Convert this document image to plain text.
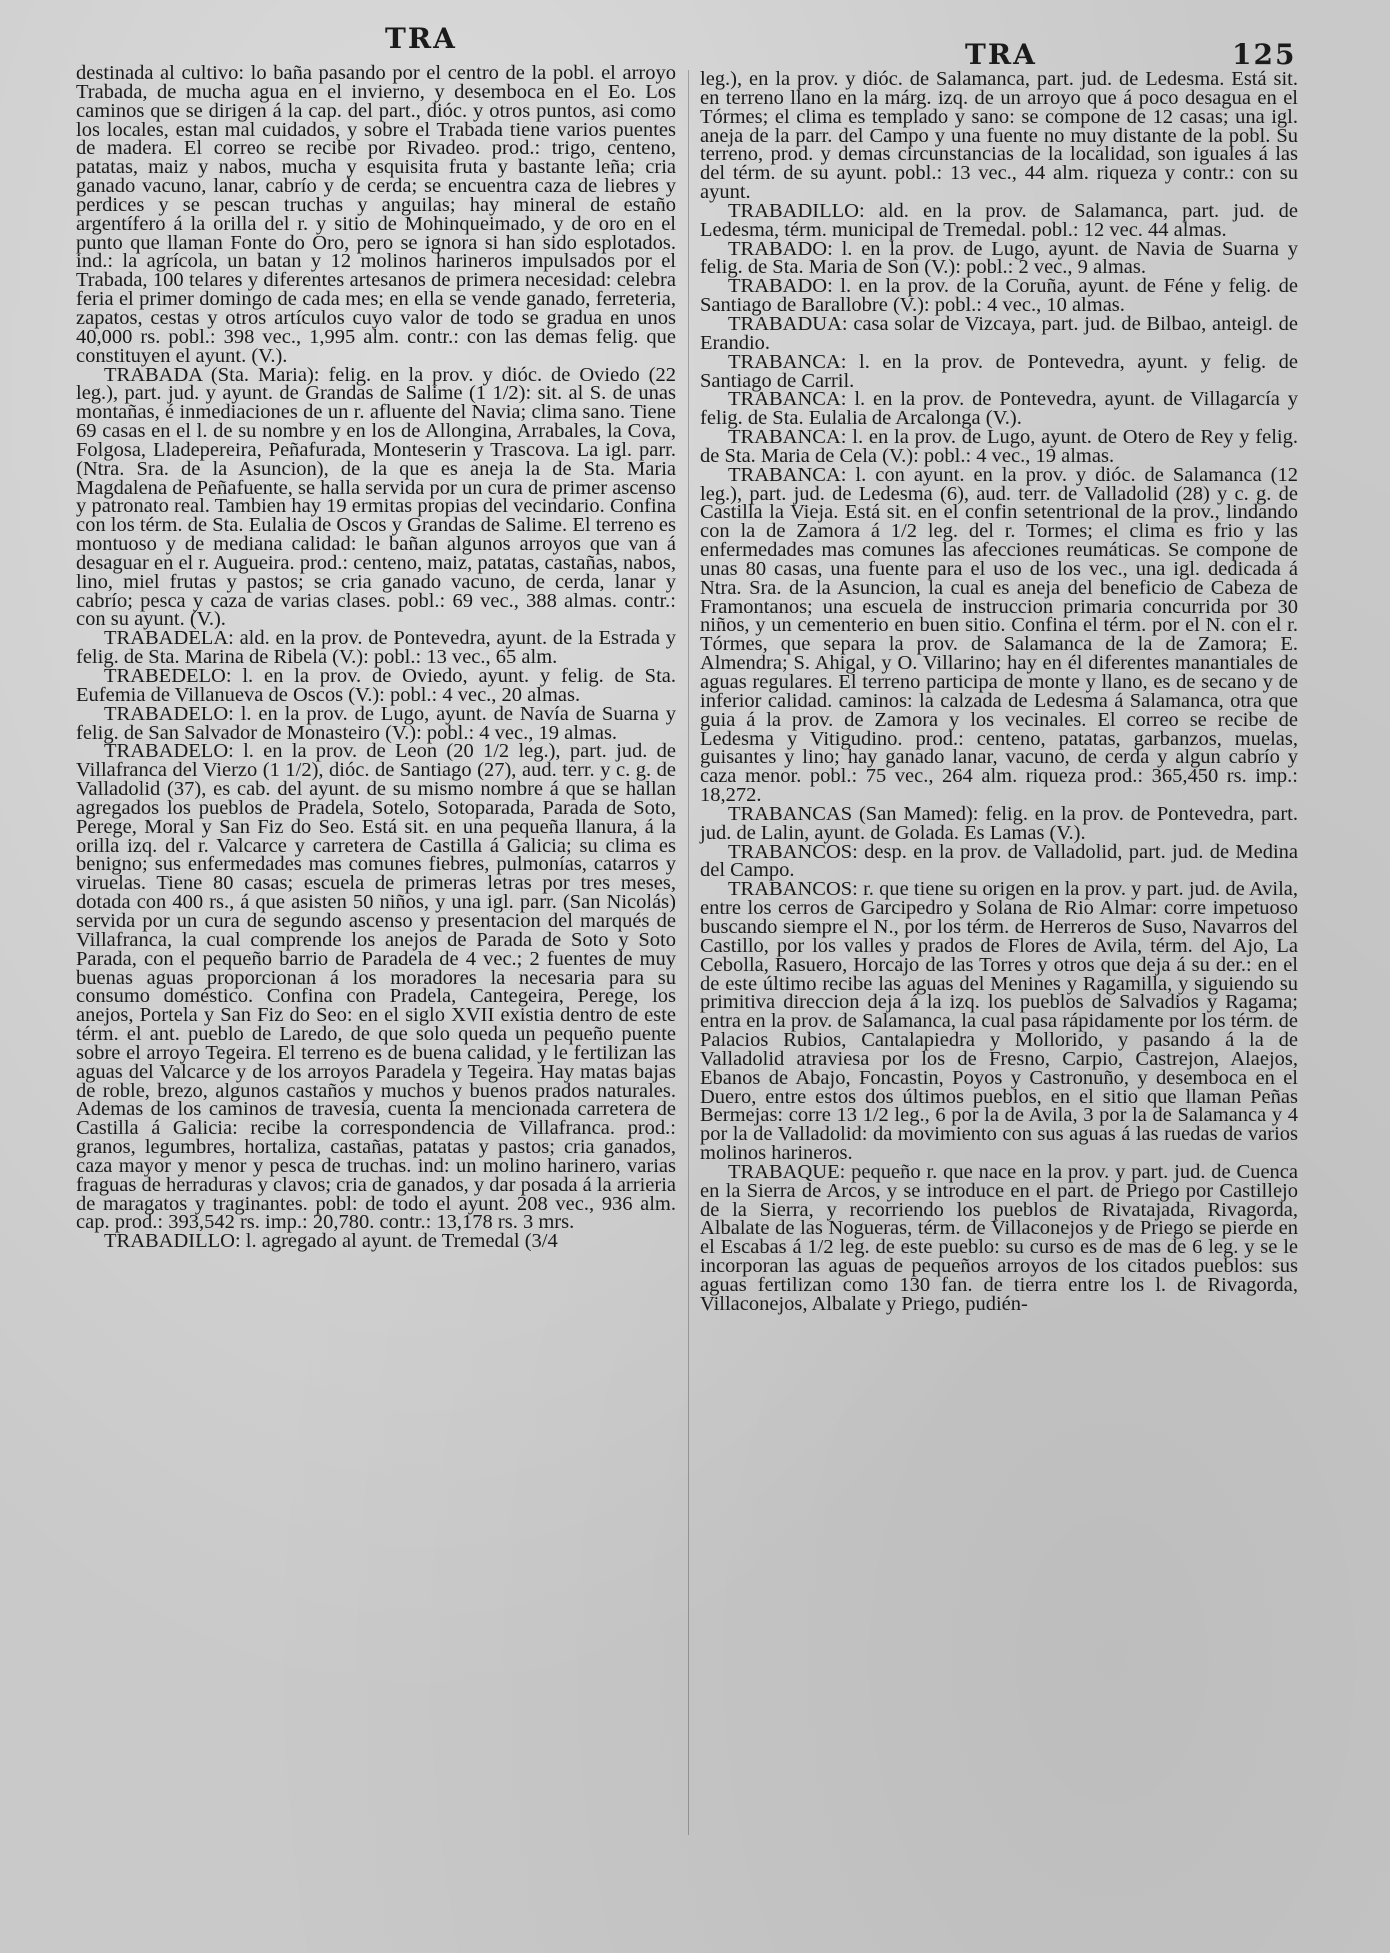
TRA	TRA	125

destinada al cultivo: lo baña pasando por el centro de la pobl. el arroyo Trabada, de mucha agua en el invierno, y desemboca en el Eo. Los caminos que se dirigen á la cap. del part., dióc. y otros puntos, asi como los locales, estan mal cuidados, y sobre el Trabada tiene varios puentes de madera. El correo se recibe por Rivadeo. prod.: trigo, centeno, patatas, maiz y nabos, mucha y esquisita fruta y bastante leña; cria ganado vacuno, lanar, cabrío y de cerda; se encuentra caza de liebres y perdices y se pescan truchas y anguilas; hay mineral de estaño argentífero á la orilla del r. y sitio de Mohinqueimado, y de oro en el punto que llaman Fonte do Oro, pero se ignora si han sido esplotados. ind.: la agrícola, un batan y 12 molinos harineros impulsados por el Trabada, 100 telares y diferentes artesanos de primera necesidad: celebra feria el primer domingo de cada mes; en ella se vende ganado, ferreteria, zapatos, cestas y otros artículos cuyo valor de todo se gradua en unos 40,000 rs. pobl.: 398 vec., 1,995 alm. contr.: con las demas felig. que constituyen el ayunt. (V.).

TRABADA (Sta. Maria): felig. en la prov. y dióc. de Oviedo (22 leg.), part. jud. y ayunt. de Grandas de Salime (1 1/2): sit. al S. de unas montañas, é inmediaciones de un r. afluente del Navia; clima sano. Tiene 69 casas en el l. de su nombre y en los de Allongina, Arrabales, la Cova, Folgosa, Lladepereira, Peñafurada, Monteserin y Trascova. La igl. parr. (Ntra. Sra. de la Asuncion), de la que es aneja la de Sta. Maria Magdalena de Peñafuente, se halla servida por un cura de primer ascenso y patronato real. Tambien hay 19 ermitas propias del vecindario. Confina con los térm. de Sta. Eulalia de Oscos y Grandas de Salime. El terreno es montuoso y de mediana calidad: le bañan algunos arroyos que van á desaguar en el r. Augueira. prod.: centeno, maiz, patatas, castañas, nabos, lino, miel frutas y pastos; se cria ganado vacuno, de cerda, lanar y cabrío; pesca y caza de varias clases. pobl.: 69 vec., 388 almas. contr.: con su ayunt. (V.).

TRABADELA: ald. en la prov. de Pontevedra, ayunt. de la Estrada y felig. de Sta. Marina de Ribela (V.): pobl.: 13 vec., 65 alm.

TRABEDELO: l. en la prov. de Oviedo, ayunt. y felig. de Sta. Eufemia de Villanueva de Oscos (V.): pobl.: 4 vec., 20 almas.

TRABADELO: l. en la prov. de Lugo, ayunt. de Navía de Suarna y felig. de San Salvador de Monasteiro (V.): pobl.: 4 vec., 19 almas.

TRABADELO: l. en la prov. de Leon (20 1/2 leg.), part. jud. de Villafranca del Vierzo (1 1/2), dióc. de Santiago (27), aud. terr. y c. g. de Valladolid (37), es cab. del ayunt. de su mismo nombre á que se hallan agregados los pueblos de Pradela, Sotelo, Sotoparada, Parada de Soto, Perege, Moral y San Fiz do Seo. Está sit. en una pequeña llanura, á la orilla izq. del r. Valcarce y carretera de Castilla á Galicia; su clima es benigno; sus enfermedades mas comunes fiebres, pulmonías, catarros y viruelas. Tiene 80 casas; escuela de primeras letras por tres meses, dotada con 400 rs., á que asisten 50 niños, y una igl. parr. (San Nicolás) servida por un cura de segundo ascenso y presentacion del marqués de Villafranca, la cual comprende los anejos de Parada de Soto y Soto Parada, con el pequeño barrio de Paradela de 4 vec.; 2 fuentes de muy buenas aguas proporcionan á los moradores la necesaria para su consumo doméstico. Confina con Pradela, Cantegeira, Perege, los anejos, Portela y San Fiz do Seo: en el siglo XVII existia dentro de este térm. el ant. pueblo de Laredo, de que solo queda un pequeño puente sobre el arroyo Tegeira. El terreno es de buena calidad, y le fertilizan las aguas del Valcarce y de los arroyos Paradela y Tegeira. Hay matas bajas de roble, brezo, algunos castaños y muchos y buenos prados naturales. Ademas de los caminos de travesia, cuenta la mencionada carretera de Castilla á Galicia: recibe la correspondencia de Villafranca. prod.: granos, legumbres, hortaliza, castañas, patatas y pastos; cria ganados, caza mayor y menor y pesca de truchas. ind: un molino harinero, varias fraguas de herraduras y clavos; cria de ganados, y dar posada á la arrieria de maragatos y traginantes. pobl: de todo el ayunt. 208 vec., 936 alm. cap. prod.: 393,542 rs. imp.: 20,780. contr.: 13,178 rs. 3 mrs.

TRABADILLO: l. agregado al ayunt. de Tremedal (3/4

leg.), en la prov. y dióc. de Salamanca, part. jud. de Ledesma. Está sit. en terreno llano en la márg. izq. de un arroyo que á poco desagua en el Tórmes; el clima es templado y sano: se compone de 12 casas; una igl. aneja de la parr. del Campo y una fuente no muy distante de la pobl. Su terreno, prod. y demas circunstancias de la localidad, son iguales á las del térm. de su ayunt. pobl.: 13 vec., 44 alm. riqueza y contr.: con su ayunt.

TRABADILLO: ald. en la prov. de Salamanca, part. jud. de Ledesma, térm. municipal de Tremedal. pobl.: 12 vec. 44 almas.

TRABADO: l. en la prov. de Lugo, ayunt. de Navia de Suarna y felig. de Sta. Maria de Son (V.): pobl.: 2 vec., 9 almas.

TRABADO: l. en la prov. de la Coruña, ayunt. de Féne y felig. de Santiago de Barallobre (V.): pobl.: 4 vec., 10 almas.

TRABADUA: casa solar de Vizcaya, part. jud. de Bilbao, anteigl. de Erandio.

TRABANCA: l. en la prov. de Pontevedra, ayunt. y felig. de Santiago de Carril.

TRABANCA: l. en la prov. de Pontevedra, ayunt. de Villagarcía y felig. de Sta. Eulalia de Arcalonga (V.).

TRABANCA: l. en la prov. de Lugo, ayunt. de Otero de Rey y felig. de Sta. Maria de Cela (V.): pobl.: 4 vec., 19 almas.

TRABANCA: l. con ayunt. en la prov. y dióc. de Salamanca (12 leg.), part. jud. de Ledesma (6), aud. terr. de Valladolid (28) y c. g. de Castilla la Vieja. Está sit. en el confin setentrional de la prov., lindando con la de Zamora á 1/2 leg. del r. Tormes; el clima es frio y las enfermedades mas comunes las afecciones reumáticas. Se compone de unas 80 casas, una fuente para el uso de los vec., una igl. dedicada á Ntra. Sra. de la Asuncion, la cual es aneja del beneficio de Cabeza de Framontanos; una escuela de instruccion primaria concurrida por 30 niños, y un cementerio en buen sitio. Confina el térm. por el N. con el r. Tórmes, que separa la prov. de Salamanca de la de Zamora; E. Almendra; S. Ahigal, y O. Villarino; hay en él diferentes manantiales de aguas regulares. El terreno participa de monte y llano, es de secano y de inferior calidad. caminos: la calzada de Ledesma á Salamanca, otra que guia á la prov. de Zamora y los vecinales. El correo se recibe de Ledesma y Vitigudino. prod.: centeno, patatas, garbanzos, muelas, guisantes y lino; hay ganado lanar, vacuno, de cerda y algun cabrío y caza menor. pobl.: 75 vec., 264 alm. riqueza prod.: 365,450 rs. imp.: 18,272.

TRABANCAS (San Mamed): felig. en la prov. de Pontevedra, part. jud. de Lalin, ayunt. de Golada. Es Lamas (V.).

TRABANCOS: desp. en la prov. de Valladolid, part. jud. de Medina del Campo.

TRABANCOS: r. que tiene su origen en la prov. y part. jud. de Avila, entre los cerros de Garcipedro y Solana de Rio Almar: corre impetuoso buscando siempre el N., por los térm. de Herreros de Suso, Navarros del Castillo, por los valles y prados de Flores de Avila, térm. del Ajo, La Cebolla, Rasuero, Horcajo de las Torres y otros que deja á su der.: en el de este último recibe las aguas del Menines y Ragamilla, y siguiendo su primitiva direccion deja á la izq. los pueblos de Salvadios y Ragama; entra en la prov. de Salamanca, la cual pasa rápidamente por los térm. de Palacios Rubios, Cantalapiedra y Mollorido, y pasando á la de Valladolid atraviesa por los de Fresno, Carpio, Castrejon, Alaejos, Ebanos de Abajo, Foncastin, Poyos y Castronuño, y desemboca en el Duero, entre estos dos últimos pueblos, en el sitio que llaman Peñas Bermejas: corre 13 1/2 leg., 6 por la de Avila, 3 por la de Salamanca y 4 por la de Valladolid: da movimiento con sus aguas á las ruedas de varios molinos harineros.

TRABAQUE: pequeño r. que nace en la prov. y part. jud. de Cuenca en la Sierra de Arcos, y se introduce en el part. de Priego por Castillejo de la Sierra, y recorriendo los pueblos de Rivatajada, Rivagorda, Albalate de las Nogueras, térm. de Villaconejos y de Priego se pierde en el Escabas á 1/2 leg. de este pueblo: su curso es de mas de 6 leg. y se le incorporan las aguas de pequeños arroyos de los citados pueblos: sus aguas fertilizan como 130 fan. de tierra entre los l. de Rivagorda, Villaconejos, Albalate y Priego, pudién-
